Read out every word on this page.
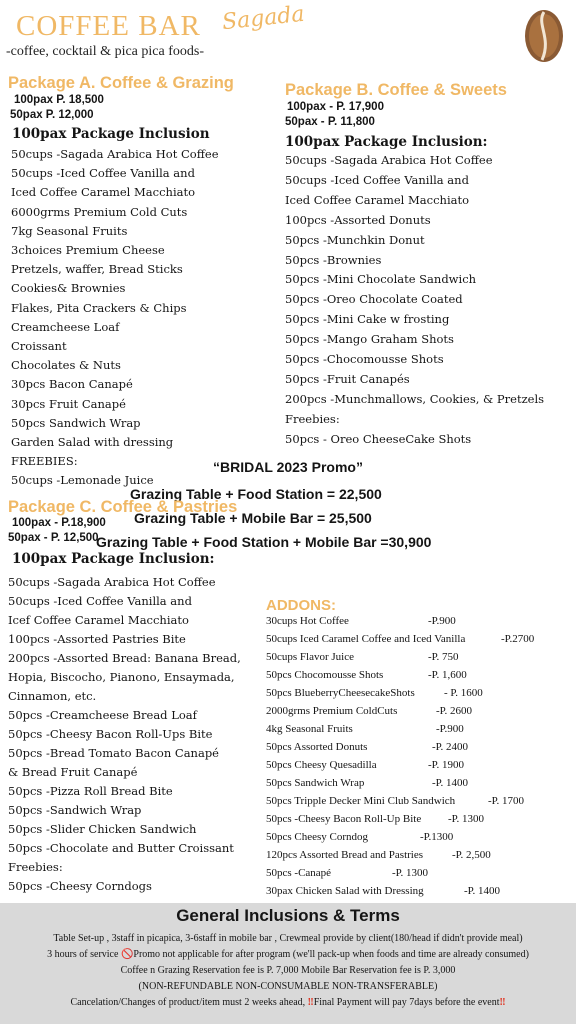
COFFEE BAR Sagada
-coffee, cocktail & pica pica foods-
Package A. Coffee & Grazing
100pax P. 18,500
50pax P. 12,000
100pax Package Inclusion
50cups -Sagada Arabica Hot Coffee
50cups -Iced Coffee Vanilla and
Iced Coffee Caramel Macchiato
6000grms Premium Cold Cuts
7kg Seasonal Fruits
3choices Premium Cheese
Pretzels, waffer, Bread Sticks
Cookies& Brownies
Flakes, Pita Crackers & Chips
Creamcheese Loaf
Croissant
Chocolates & Nuts
30pcs Bacon Canapé
30pcs Fruit Canapé
50pcs Sandwich Wrap
Garden Salad with dressing
FREEBIES:
50cups -Lemonade Juice
Package B. Coffee & Sweets
100pax - P. 17,900
50pax - P. 11,800
100pax Package Inclusion:
50cups -Sagada Arabica Hot Coffee
50cups -Iced Coffee Vanilla and
Iced Coffee Caramel Macchiato
100pcs -Assorted Donuts
50pcs -Munchkin Donut
50pcs -Brownies
50pcs -Mini Chocolate Sandwich
50pcs -Oreo Chocolate Coated
50pcs -Mini Cake w frosting
50pcs -Mango Graham Shots
50pcs -Chocomousse Shots
50pcs -Fruit Canapés
200pcs -Munchmallows, Cookies, & Pretzels
Freebies:
50pcs - Oreo CheeseCake Shots
“BRIDAL 2023 Promo”
Grazing Table + Food Station = 22,500
Grazing Table + Mobile Bar = 25,500
Grazing Table + Food Station + Mobile Bar =30,900
Package C. Coffee & Pastries
100pax - P.18,900
50pax - P. 12,500
100pax Package Inclusion:
50cups -Sagada Arabica Hot Coffee
50cups -Iced Coffee Vanilla and
Icef Coffee Caramel Macchiato
100pcs -Assorted Pastries Bite
200pcs -Assorted Bread: Banana Bread,
Hopia, Biscocho, Pianono, Ensaymada,
Cinnamon, etc.
50pcs -Creamcheese Bread Loaf
50pcs -Cheesy Bacon Roll-Ups Bite
50pcs -Bread Tomato Bacon Canapé
& Bread Fruit Canapé
50pcs -Pizza Roll Bread Bite
50pcs -Sandwich Wrap
50pcs -Slider Chicken Sandwich
50pcs -Chocolate and Butter Croissant
Freebies:
50pcs -Cheesy Corndogs
ADDONS:
30cups Hot Coffee	-P.900
50cups Iced Caramel Coffee and Iced Vanilla	-P.2700
50cups Flavor Juice	-P. 750
50pcs Chocomousse Shots	-P. 1,600
50pcs BlueberryCheesecakeShots	- P. 1600
2000grms Premium ColdCuts	-P. 2600
4kg Seasonal Fruits	-P.900
50pcs Assorted Donuts	-P. 2400
50pcs Cheesy Quesadilla	-P. 1900
50pcs Sandwich Wrap	-P. 1400
50pcs Tripple Decker Mini Club Sandwich	-P. 1700
50pcs -Cheesy Bacon Roll-Up Bite -P. 1300
50pcs Cheesy Corndog	-P.1300
120pcs Assorted Bread and Pastries	-P. 2,500
50pcs -Canapé	-P. 1300
30pax Chicken Salad with Dressing	-P. 1400
General Inclusions & Terms
Table Set-up , 3staff in picapica, 3-6staff in mobile bar , Crewmeal provide by client(180/head if didn't provide meal)
3 hours of service 🚫Promo not applicable for after program (we'll pack-up when foods and time are already consumed)
Coffee n Grazing Reservation fee is P. 7,000 Mobile Bar Reservation fee is P. 3,000
(NON-REFUNDABLE NON-CONSUMABLE NON-TRANSFERABLE)
Cancelation/Changes of product/item must 2 weeks ahead, ‼Final Payment will pay 7days before the event‼
